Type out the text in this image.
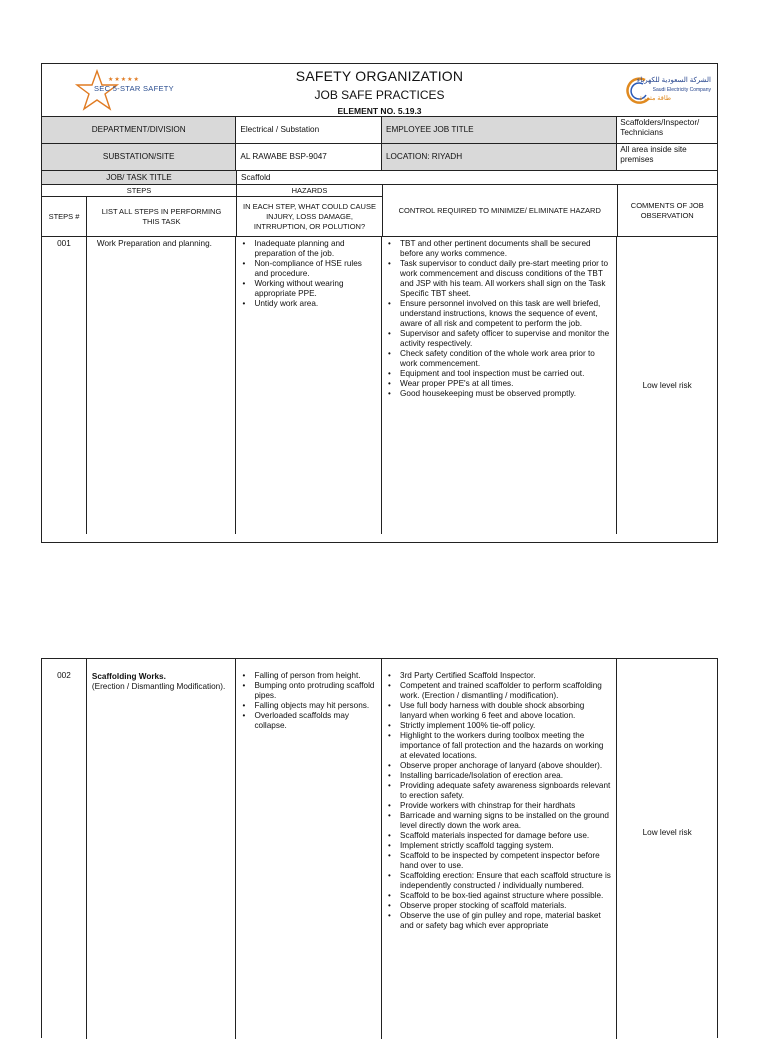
★★★★★
SEC 5-STAR SAFETY
SAFETY ORGANIZATION
JOB SAFE PRACTICES
ELEMENT NO. 5.19.3
الشركة السعودية للكهرباء
Saudi Electricity Company
طاقة مثمرة
DEPARTMENT/DIVISION	Electrical / Substation	EMPLOYEE JOB TITLE
Scaffolders/Inspector/ Technicians
SUBSTATION/SITE	AL RAWABE BSP-9047	LOCATION: RIYADH
All area inside site premises
JOB/ TASK TITLE	Scaffold
STEPS	HAZARDS
STEPS #
LIST ALL STEPS IN PERFORMING THIS TASK
IN EACH STEP, WHAT COULD CAUSE INJURY, LOSS DAMAGE, INTRRUPTION, OR POLUTION?
CONTROL REQUIRED TO MINIMIZE/ ELIMINATE HAZARD
COMMENTS OF JOB OBSERVATION
001	Work Preparation and planning.
•	Inadequate planning and preparation of the job.
• Non-compliance of HSE rules and procedure.
• Working without wearing appropriate PPE.
• Untidy work area.
• TBT and other pertinent documents shall be secured before any works commence.
• Task supervisor to conduct daily pre-start meeting prior to work commencement and discuss conditions of the TBT and JSP with his team. All workers shall sign on the Task Specific TBT sheet.
• Ensure personnel involved on this task are well briefed, understand instructions, knows the sequence of event, aware of all risk and competent to perform the job.
• Supervisor and safety officer to supervise and monitor the activity respectively.
• Check safety condition of the whole work area prior to work commencement.
• Equipment and tool inspection must be carried out.
• Wear proper PPE's at all times.
• Good housekeeping must be observed promptly.
Low level risk
002	Scaffolding Works.
(Erection / Dismantling Modification).
• Falling of person from height.
• Bumping onto protruding scaffold pipes.
• Falling objects may hit persons.
• Overloaded scaffolds may collapse.
• 3rd Party Certified Scaffold Inspector.
• Competent and trained scaffolder to perform scaffolding work. (Erection / dismantling / modification).
• Use full body harness with double shock absorbing lanyard when working 6 feet and above location.
• Strictly implement 100% tie-off policy.
• Highlight to the workers during toolbox meeting the importance of fall protection and the hazards on working at elevated locations.
• Observe proper anchorage of lanyard (above shoulder).
• Installing barricade/Isolation of erection area.
• Providing adequate safety awareness signboards relevant to erection safety.
• Provide workers with chinstrap for their hardhats
• Barricade and warning signs to be installed on the ground level directly down the work area.
• Scaffold materials inspected for damage before use.
• Implement strictly scaffold tagging system.
• Scaffold to be inspected by competent inspector before hand over to use.
• Scaffolding erection: Ensure that each scaffold structure is independently constructed / individually numbered.
• Scaffold to be box-tied against structure where possible.
• Observe proper stocking of scaffold materials.
• Observe the use of gin pulley and rope, material basket and or safety bag which ever appropriate
Low level risk
